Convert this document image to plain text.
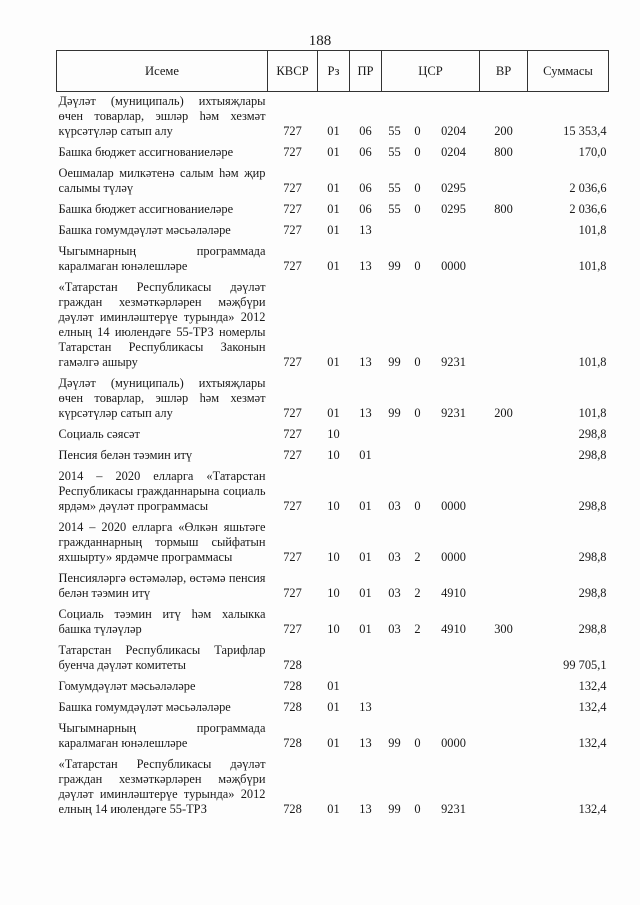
188
Исеме	КВСР	Рз	ПР	ЦСР			ВР	Суммасы
Дәүләт (муниципаль) ихтыяҗлары өчен товарлар, эшләр һәм хезмәт күрсәтүләр сатып алу	727	01	06	55	0	0204	200	15 353,4
Башка бюджет ассигнованиеләре	727	01	06	55	0	0204	800	170,0
Оешмалар милкәтенә салым һәм җир салымы түләү	727	01	06	55	0	0295		2 036,6
Башка бюджет ассигнованиеләре	727	01	06	55	0	0295	800	2 036,6
Башка гомумдәүләт мәсьәләләре	727	01	13					101,8
Чыгымнарның программада каралмаган юнәлешләре	727	01	13	99	0	0000		101,8
«Татарстан Республикасы дәүләт граждан хезмәткәрләрен мәҗбүри дәүләт иминләштерүе турында» 2012 елның 14 июлендәге 55-ТРЗ номерлы Татарстан Республикасы Законын гамәлгә ашыру	727	01	13	99	0	9231		101,8
Дәүләт (муниципаль) ихтыяҗлары өчен товарлар, эшләр һәм хезмәт күрсәтүләр сатып алу	727	01	13	99	0	9231	200	101,8
Социаль сәясәт	727	10						298,8
Пенсия белән тәэмин итү	727	10	01					298,8
2014 – 2020 елларга «Татарстан Республикасы гражданнарына социаль ярдәм» дәүләт программасы	727	10	01	03	0	0000		298,8
2014 – 2020 елларга «Өлкән яшьтәге гражданнарның тормыш сыйфатын яхшырту» ярдәмче программасы	727	10	01	03	2	0000		298,8
Пенсияләргә өстәмәләр, өстәмә пенсия белән тәэмин итү	727	10	01	03	2	4910		298,8
Социаль тәэмин итү һәм халыкка башка түләүләр	727	10	01	03	2	4910	300	298,8
Татарстан Республикасы Тарифлар буенча дәүләт комитеты	728							99 705,1
Гомумдәүләт мәсьәләләре	728	01						132,4
Башка гомумдәүләт мәсьәләләре	728	01	13					132,4
Чыгымнарның программада каралмаган юнәлешләре	728	01	13	99	0	0000		132,4
«Татарстан Республикасы дәүләт граждан хезмәткәрләрен мәҗбүри дәүләт иминләштерүе турында» 2012 елның 14 июлендәге 55-ТРЗ	728	01	13	99	0	9231		132,4
